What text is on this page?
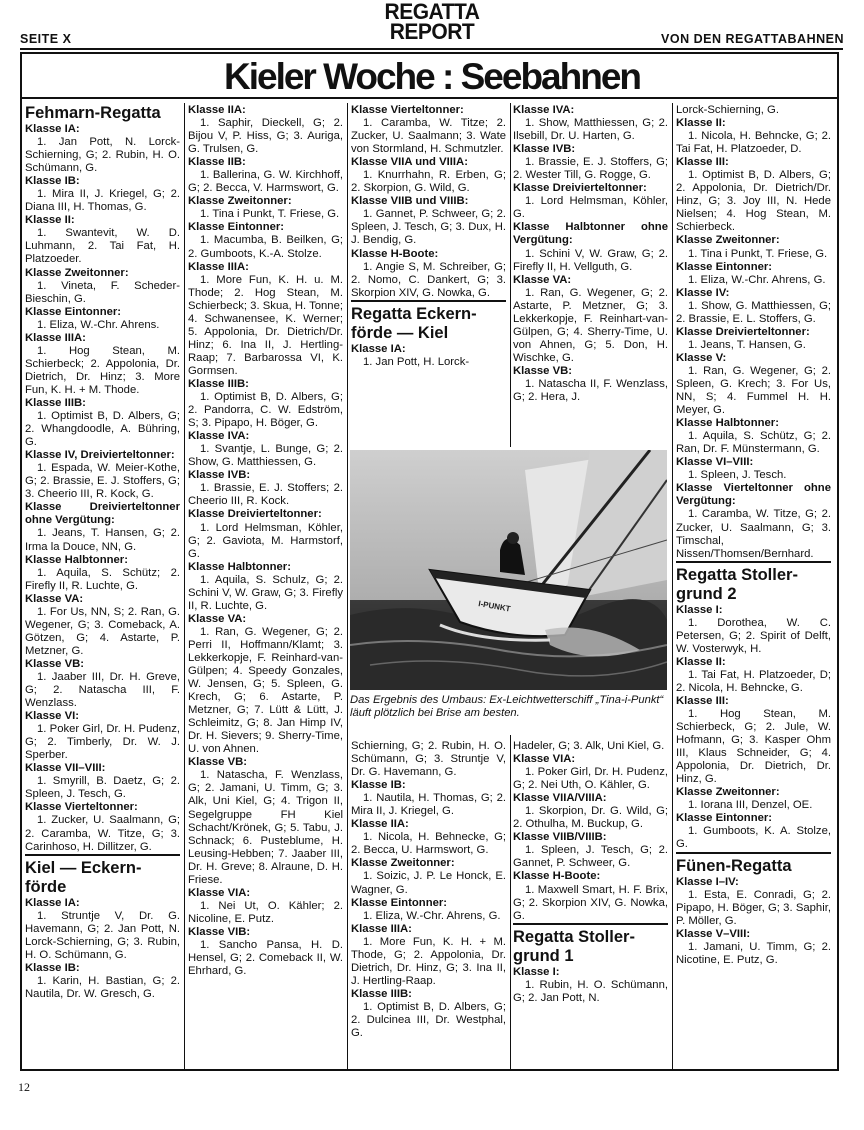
SEITE X
REGATTA
REPORT	VON DEN REGATTABAHNEN
Kieler Woche : Seebahnen

Fehmarn-Regatta

Klasse IA:

1. Jan Pott, N. Lorck-Schierning, G; 2. Rubin, H. O. Schümann, G.

Klasse IB:

1. Mira II, J. Kriegel, G; 2. Diana III, H. Thomas, G.

Klasse II:

1. Swantevit, W. D. Luhmann, 2. Tai Fat, H. Platzoeder.

Klasse Zweitonner:

1. Vineta, F. Scheder-Bieschin, G.

Klasse Eintonner:

1. Eliza, W.-Chr. Ahrens.

Klasse IIIA:

1. Hog Stean, M. Schierbeck; 2. Appolonia, Dr. Dietrich, Dr. Hinz; 3. More Fun, K. H. + M. Thode.

Klasse IIIB:

1. Optimist B, D. Albers, G; 2. Whangdoodle, A. Bühring, G.

Klasse IV, Dreivierteltonner:

1. Espada, W. Meier-Kothe, G; 2. Brassie, E. J. Stoffers, G; 3. Cheerio III, R. Kock, G.

Klasse Dreivierteltonner ohne Vergütung:

1. Jeans, T. Hansen, G; 2. Irma la Douce, NN, G.

Klasse Halbtonner:

1. Aquila, S. Schütz; 2. Firefly II, R. Luchte, G.

Klasse VA:

1. For Us, NN, S; 2. Ran, G. Wegener, G; 3. Comeback, A. Götzen, G; 4. Astarte, P. Metzner, G.

Klasse VB:

1. Jaaber III, Dr. H. Greve, G; 2. Natascha III, F. Wenzlass.

Klasse VI:

1. Poker Girl, Dr. H. Pudenz, G; 2. Timberly, Dr. W. J. Sperber.

Klasse VII–VIII:

1. Smyrill, B. Daetz, G; 2. Spleen, J. Tesch, G.

Klasse Vierteltonner:

1. Zucker, U. Saalmann, G; 2. Caramba, W. Titze, G; 3. Carinhoso, H. Dillitzer, G.

Kiel — Eckern-förde

Klasse IA:

1. Struntje V, Dr. G. Havemann, G; 2. Jan Pott, N. Lorck-Schierning, G; 3. Rubin, H. O. Schümann, G.

Klasse IB:

1. Karin, H. Bastian, G; 2. Nautila, Dr. W. Gresch, G.

Klasse IIA:

1. Saphir, Dieckell, G; 2. Bijou V, P. Hiss, G; 3. Auriga, G. Trulsen, G.

Klasse IIB:

1. Ballerina, G. W. Kirchhoff, G; 2. Becca, V. Harmswort, G.

Klasse Zweitonner:

1. Tina i Punkt, T. Friese, G.

Klasse Eintonner:

1. Macumba, B. Beilken, G; 2. Gumboots, K.-A. Stolze.

Klasse IIIA:

1. More Fun, K. H. u. M. Thode; 2. Hog Stean, M. Schierbeck; 3. Skua, H. Tonne; 4. Schwanensee, K. Werner; 5. Appolonia, Dr. Dietrich/Dr. Hinz; 6. Ina II, J. Hertling-Raap; 7. Barbarossa VI, K. Gormsen.

Klasse IIIB:

1. Optimist B, D. Albers, G; 2. Pandorra, C. W. Edström, S; 3. Pipapo, H. Böger, G.

Klasse IVA:

1. Svantje, L. Bunge, G; 2. Show, G. Matthiessen, G.

Klasse IVB:

1. Brassie, E. J. Stoffers; 2. Cheerio III, R. Kock.

Klasse Dreivierteltonner:

1. Lord Helmsman, Köhler, G; 2. Gaviota, M. Harmstorf, G.

Klasse Halbtonner:

1. Aquila, S. Schulz, G; 2. Schini V, W. Graw, G; 3. Firefly II, R. Luchte, G.

Klasse VA:

1. Ran, G. Wegener, G; 2. Perri II, Hoffmann/Klamt; 3. Lekkerkopje, F. Reinhard-van-Gülpen; 4. Speedy Gonzales, W. Jensen, G; 5. Spleen, G. Krech, G; 6. Astarte, P. Metzner, G; 7. Lütt & Lütt, J. Schleimitz, G; 8. Jan Himp IV, Dr. H. Sievers; 9. Sherry-Time, U. von Ahnen.

Klasse VB:

1. Natascha, F. Wenzlass, G; 2. Jamani, U. Timm, G; 3. Alk, Uni Kiel, G; 4. Trigon II, Segelgruppe FH Kiel Schacht/Krönek, G; 5. Tabu, J. Schnack; 6. Pusteblume, H. Leusing-Hebben; 7. Jaaber III, Dr. H. Greve; 8. Alraune, D. H. Friese.

Klasse VIA:

1. Nei Ut, O. Kähler; 2. Nicoline, E. Putz.

Klasse VIB:

1. Sancho Pansa, H. D. Hensel, G; 2. Comeback II, W. Ehrhard, G.

Klasse Vierteltonner:

1. Caramba, W. Titze; 2. Zucker, U. Saalmann; 3. Wate von Stormland, H. Schmutzler.

Klasse VIIA und VIIIA:

1. Knurrhahn, R. Erben, G; 2. Skorpion, G. Wild, G.

Klasse VIIB und VIIIB:

1. Gannet, P. Schweer, G; 2. Spleen, J. Tesch, G; 3. Dux, H. J. Bendig, G.

Klasse H-Boote:

1. Angie S, M. Schreiber, G; 2. Nomo, C. Dankert, G; 3. Skorpion XIV, G. Nowka, G.

Regatta Eckern-förde — Kiel

Klasse IA:

1. Jan Pott, H. Lorck-

Klasse IVA:

1. Show, Matthiessen, G; 2. Ilsebill, Dr. U. Harten, G.

Klasse IVB:

1. Brassie, E. J. Stoffers, G; 2. Wester Till, G. Rogge, G.

Klasse Dreivierteltonner:

1. Lord Helmsman, Köhler, G.

Klasse Halbtonner ohne Vergütung:

1. Schini V, W. Graw, G; 2. Firefly II, H. Vellguth, G.

Klasse VA:

1. Ran, G. Wegener, G; 2. Astarte, P. Metzner, G; 3. Lekkerkopje, F. Reinhart-van-Gülpen, G; 4. Sherry-Time, U. von Ahnen, G; 5. Don, H. Wischke, G.

Klasse VB:

1. Natascha II, F. Wenzlass, G; 2. Hera, J.

Lorck-Schierning, G.

Klasse II:

1. Nicola, H. Behncke, G; 2. Tai Fat, H. Platzoeder, D.

Klasse III:

1. Optimist B, D. Albers, G; 2. Appolonia, Dr. Dietrich/Dr. Hinz, G; 3. Joy III, N. Hede Nielsen; 4. Hog Stean, M. Schierbeck.

Klasse Zweitonner:

1. Tina i Punkt, T. Friese, G.

Klasse Eintonner:

1. Eliza, W.-Chr. Ahrens, G.

Klasse IV:

1. Show, G. Matthiessen, G; 2. Brassie, E. L. Stoffers, G.

Klasse Dreivierteltonner:

1. Jeans, T. Hansen, G.

Klasse V:

1. Ran, G. Wegener, G; 2. Spleen, G. Krech; 3. For Us, NN, S; 4. Fummel H. H. Meyer, G.

Klasse Halbtonner:

1. Aquila, S. Schütz, G; 2. Ran, Dr. F. Münstermann, G.

Klasse VI–VIII:

1. Spleen, J. Tesch.

Klasse Vierteltonner ohne Vergütung:

1. Caramba, W. Titze, G; 2. Zucker, U. Saalmann, G; 3. Timschal, Nissen/Thomsen/Bernhard.

Regatta Stoller-grund 2

Klasse I:

1. Dorothea, W. C. Petersen, G; 2. Spirit of Delft, W. Vosterwyk, H.

Klasse II:

1. Tai Fat, H. Platzoeder, D; 2. Nicola, H. Behncke, G.

Klasse III:

1. Hog Stean, M. Schierbeck, G; 2. Jule, W. Hofmann, G; 3. Kasper Ohm III, Klaus Schneider, G; 4. Appolonia, Dr. Dietrich, Dr. Hinz, G.

Klasse Zweitonner:

1. Iorana III, Denzel, OE.

Klasse Eintonner:

1. Gumboots, K. A. Stolze, G.

Fünen-Regatta

Klasse I–IV:

1. Esta, E. Conradi, G; 2. Pipapo, H. Böger, G; 3. Saphir, P. Möller, G.

Klasse V–VIII:

1. Jamani, U. Timm, G; 2. Nicotine, E. Putz, G.

Schierning, G; 2. Rubin, H. O. Schümann, G; 3. Struntje V, Dr. G. Havemann, G.

Klasse IB:

1. Nautila, H. Thomas, G; 2. Mira II, J. Kriegel, G.

Klasse IIA:

1. Nicola, H. Behnecke, G; 2. Becca, U. Harmswort, G.

Klasse Zweitonner:

1. Soizic, J. P. Le Honck, E. Wagner, G.

Klasse Eintonner:

1. Eliza, W.-Chr. Ahrens, G.

Klasse IIIA:

1. More Fun, K. H. + M. Thode, G; 2. Appolonia, Dr. Dietrich, Dr. Hinz, G; 3. Ina II, J. Hertling-Raap.

Klasse IIIB:

1. Optimist B, D. Albers, G; 2. Dulcinea III, Dr. Westphal, G.

Hadeler, G; 3. Alk, Uni Kiel, G.

Klasse VIA:

1. Poker Girl, Dr. H. Pudenz, G; 2. Nei Uth, O. Kähler, G.

Klasse VIIA/VIIIA:

1. Skorpion, Dr. G. Wild, G; 2. Othulha, M. Buckup, G.

Klasse VIIB/VIIIB:

1. Spleen, J. Tesch, G; 2. Gannet, P. Schweer, G.

Klasse H-Boote:

1. Maxwell Smart, H. F. Brix, G; 2. Skorpion XIV, G. Nowka, G.

Regatta Stoller-grund 1

Klasse I:

1. Rubin, H. O. Schümann, G; 2. Jan Pott, N.

I-PUNKT
Das Ergebnis des Umbaus: Ex-Leichtwetterschiff „Tina-i-Punkt“ läuft plötzlich bei Brise am besten.
12
